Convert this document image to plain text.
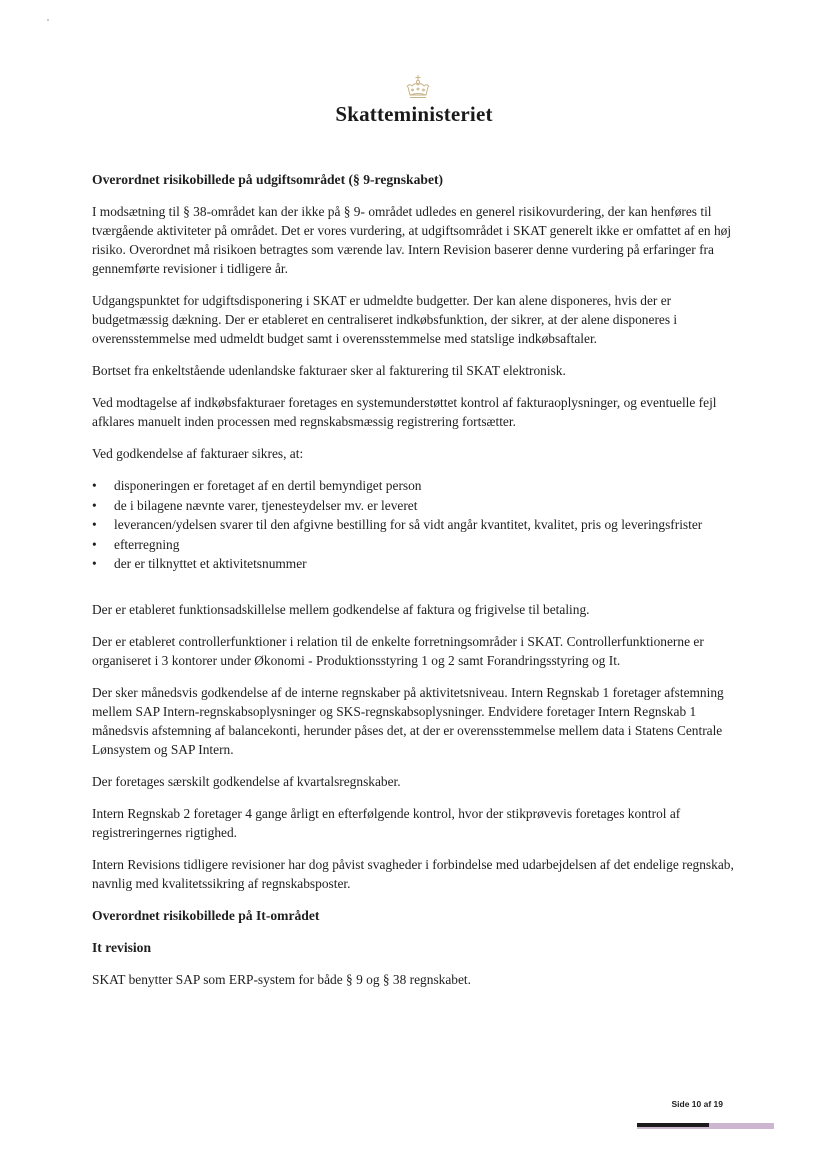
Skatteministeriet
Overordnet risikobillede på udgiftsområdet (§ 9-regnskabet)

I modsætning til § 38-området kan der ikke på § 9- området udledes en generel risikovurdering, der kan henføres til tværgående aktiviteter på området. Det er vores vurdering, at udgiftsområdet i SKAT generelt ikke er omfattet af en høj risiko. Overordnet må risikoen betragtes som værende lav. Intern Revision baserer denne vurdering på erfaringer fra gennemførte revisioner i tidligere år.

Udgangspunktet for udgiftsdisponering i SKAT er udmeldte budgetter. Der kan alene disponeres, hvis der er budgetmæssig dækning. Der er etableret en centraliseret indkøbsfunktion, der sikrer, at der alene disponeres i overensstemmelse med udmeldt budget samt i overensstemmelse med statslige indkøbsaftaler.

Bortset fra enkeltstående udenlandske fakturaer sker al fakturering til SKAT elektronisk.

Ved modtagelse af indkøbsfakturaer foretages en systemunderstøttet kontrol af fakturaoplysninger, og eventuelle fejl afklares manuelt inden processen med regnskabsmæssig registrering fortsætter.

Ved godkendelse af fakturaer sikres, at:

• disponeringen er foretaget af en dertil bemyndiget person
• de i bilagene nævnte varer, tjenesteydelser mv. er leveret
• leverancen/ydelsen svarer til den afgivne bestilling for så vidt angår kvantitet, kvalitet, pris og leveringsfrister
• efterregning
• der er tilknyttet et aktivitetsnummer

Der er etableret funktionsadskillelse mellem godkendelse af faktura og frigivelse til betaling.

Der er etableret controllerfunktioner i relation til de enkelte forretningsområder i SKAT. Controllerfunktionerne er organiseret i 3 kontorer under Økonomi - Produktionsstyring 1 og 2 samt Forandringsstyring og It.

Der sker månedsvis godkendelse af de interne regnskaber på aktivitetsniveau. Intern Regnskab 1 foretager afstemning mellem SAP Intern-regnskabsoplysninger og SKS-regnskabsoplysninger. Endvidere foretager Intern Regnskab 1 månedsvis afstemning af balancekonti, herunder påses det, at der er overensstemmelse mellem data i Statens Centrale Lønsystem og SAP Intern.

Der foretages særskilt godkendelse af kvartalsregnskaber.

Intern Regnskab 2 foretager 4 gange årligt en efterfølgende kontrol, hvor der stikprøvevis foretages kontrol af registreringernes rigtighed.

Intern Revisions tidligere revisioner har dog påvist svagheder i forbindelse med udarbejdelsen af det endelige regnskab, navnlig med kvalitetssikring af regnskabsposter.

Overordnet risikobillede på It-området
It revision

SKAT benytter SAP som ERP-system for både § 9 og § 38 regnskabet.

Side 10 af 19
